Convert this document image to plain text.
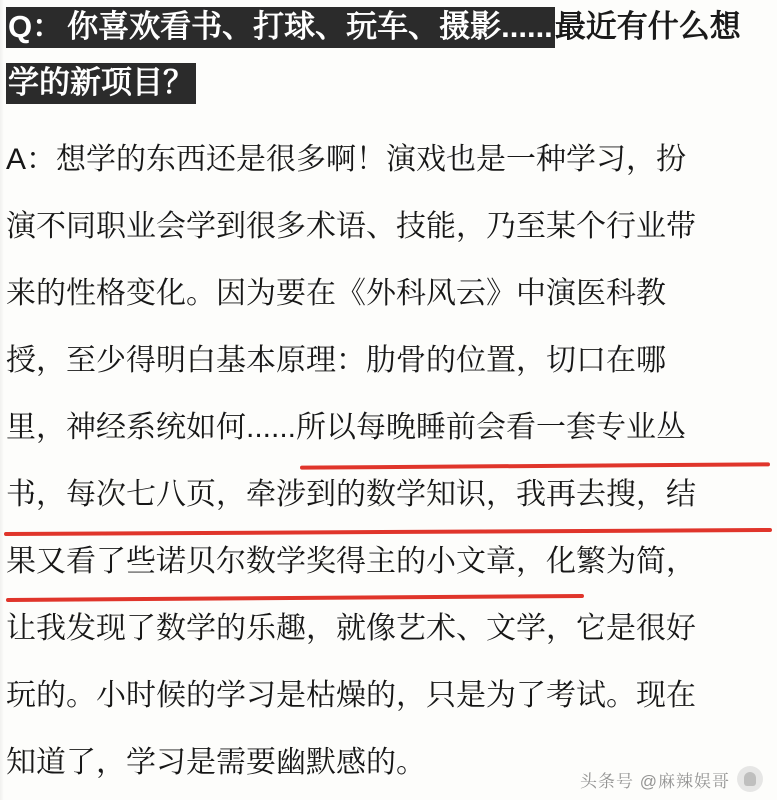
Q： 你喜欢看书、打球、玩车、摄影......最近有什么想
学的新项目？
A：想学的东西还是很多啊！演戏也是一种学习，扮
演不同职业会学到很多术语、技能，乃至某个行业带
来的性格变化。因为要在《外科风云》中演医科教
授，至少得明白基本原理：肋骨的位置，切口在哪
里，神经系统如何......所以每晚睡前会看一套专业丛
书，每次七八页，牵涉到的数学知识，我再去搜，结
果又看了些诺贝尔数学奖得主的小文章，化繁为简，
让我发现了数学的乐趣，就像艺术、文学，它是很好
玩的。小时候的学习是枯燥的，只是为了考试。现在
知道了，学习是需要幽默感的。
头条号 @麻辣娱哥
